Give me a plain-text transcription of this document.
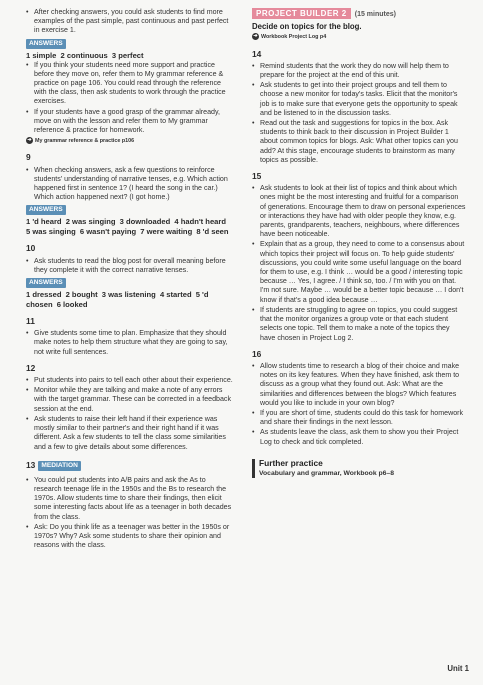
• After checking answers, you could ask students to find more examples of the past simple, past continuous and past perfect in exercise 1.
ANSWERS
1 simple 2 continuous 3 perfect
• If you think your students need more support and practice before they move on, refer them to My grammar reference & practice on page 106. You could read through the reference with the class, then ask students to work through the practice exercises.
• If your students have a good grasp of the grammar already, move on with the lesson and refer them to My grammar reference & practice for homework.
➔ My grammar reference & practice p106
9
• When checking answers, ask a few questions to reinforce students' understanding of narrative tenses, e.g. Which action happened first in sentence 1? (I heard the song in the car.) Which action happened next? (I got home.)
ANSWERS
1 'd heard 2 was singing 3 downloaded 4 hadn't heard 5 was singing 6 wasn't paying 7 were waiting 8 'd seen
10
• Ask students to read the blog post for overall meaning before they complete it with the correct narrative tenses.
ANSWERS
1 dressed 2 bought 3 was listening 4 started 5 'd chosen 6 looked
11
• Give students some time to plan. Emphasize that they should make notes to help them structure what they are going to say, not write full sentences.
12
• Put students into pairs to tell each other about their experience.
• Monitor while they are talking and make a note of any errors with the target grammar. These can be corrected in a feedback session at the end.
• Ask students to raise their left hand if their experience was mostly similar to their partner's and their right hand if it was different. Ask a few students to tell the class some similarities and a few to give details about some differences.
13 MEDIATION
• You could put students into A/B pairs and ask the As to research teenage life in the 1950s and the Bs to research the 1970s. Allow students time to share their findings, then elicit some interesting facts about life as a teenager in both decades from the class.
• Ask: Do you think life as a teenager was better in the 1950s or 1970s? Why? Ask some students to share their opinion and reasons with the class.
PROJECT BUILDER 2 (15 minutes)
Decide on topics for the blog.
➔ Workbook Project Log p4
14
• Remind students that the work they do now will help them to prepare for the project at the end of this unit.
• Ask students to get into their project groups and tell them to choose a new monitor for today's tasks. Elicit that the monitor's job is to make sure that everyone gets the opportunity to speak and be listened to in the discussion tasks.
• Read out the task and suggestions for topics in the box. Ask students to think back to their discussion in Project Builder 1 about common topics for blogs. Ask: What other topics can you add? At this stage, encourage students to brainstorm as many topics as possible.
15
• Ask students to look at their list of topics and think about which ones might be the most interesting and fruitful for a comparison of generations. Encourage them to draw on personal experiences or interactions they have had with older people they know, e.g. parents, grandparents, teachers, neighbours, where differences have been noticeable.
• Explain that as a group, they need to come to a consensus about which topics their project will focus on. To help guide students' discussions, you could write some useful language on the board for them to use, e.g. I think … would be a good / interesting topic because … Yes, I agree. / I think so, too. / I'm with you on that. I'm not sure. Maybe … would be a better topic because … I don't know if that's a good idea because …
• If students are struggling to agree on topics, you could suggest that the monitor organizes a group vote or that each student selects one topic. Tell them to make a note of the topics they have chosen in Project Log 2.
16
• Allow students time to research a blog of their choice and make notes on its key features. When they have finished, ask them to discuss as a group what they found out. Ask: What are the similarities and differences between the blogs? Which features would you like to include in your own blog?
• If you are short of time, students could do this task for homework and share their findings in the next lesson.
• As students leave the class, ask them to show you their Project Log to check and tick completed.
Further practice
Vocabulary and grammar, Workbook p6–8
Unit 1
